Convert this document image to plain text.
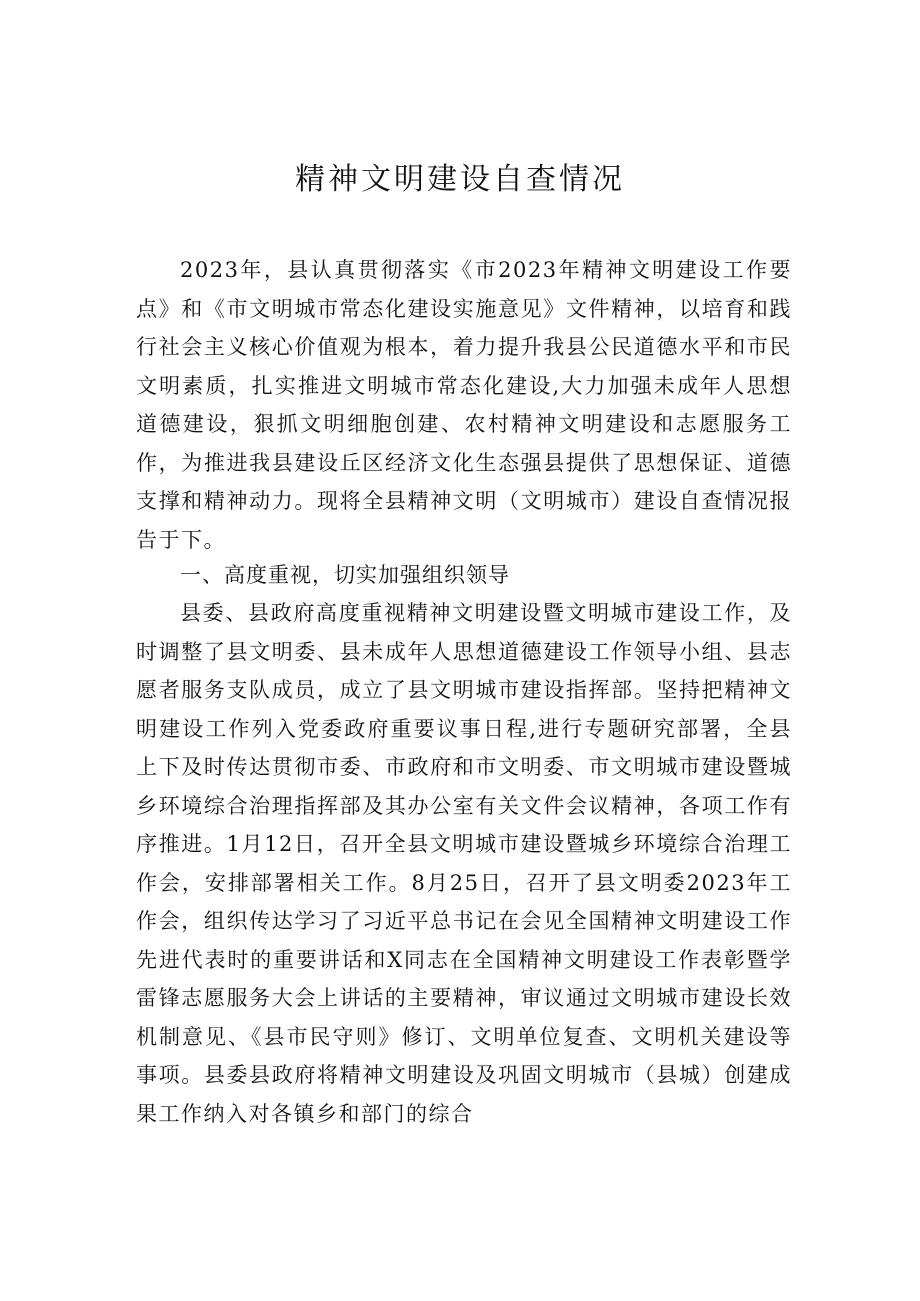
精神文明建设自查情况

2023年，县认真贯彻落实《市2023年精神文明建设工作要点》和《市文明城市常态化建设实施意见》文件精神，以培育和践行社会主义核心价值观为根本，着力提升我县公民道德水平和市民文明素质，扎实推进文明城市常态化建设,大力加强未成年人思想道德建设，狠抓文明细胞创建、农村精神文明建设和志愿服务工作，为推进我县建设丘区经济文化生态强县提供了思想保证、道德支撑和精神动力。现将全县精神文明（文明城市）建设自查情况报告于下。

一、高度重视，切实加强组织领导

县委、县政府高度重视精神文明建设暨文明城市建设工作，及时调整了县文明委、县未成年人思想道德建设工作领导小组、县志愿者服务支队成员，成立了县文明城市建设指挥部。坚持把精神文明建设工作列入党委政府重要议事日程,进行专题研究部署，全县上下及时传达贯彻市委、市政府和市文明委、市文明城市建设暨城乡环境综合治理指挥部及其办公室有关文件会议精神，各项工作有序推进。1月12日，召开全县文明城市建设暨城乡环境综合治理工作会，安排部署相关工作。8月25日，召开了县文明委2023年工作会，组织传达学习了习近平总书记在会见全国精神文明建设工作先进代表时的重要讲话和X同志在全国精神文明建设工作表彰暨学雷锋志愿服务大会上讲话的主要精神，审议通过文明城市建设长效机制意见、《县市民守则》修订、文明单位复查、文明机关建设等事项。县委县政府将精神文明建设及巩固文明城市（县城）创建成果工作纳入对各镇乡和部门的综合
